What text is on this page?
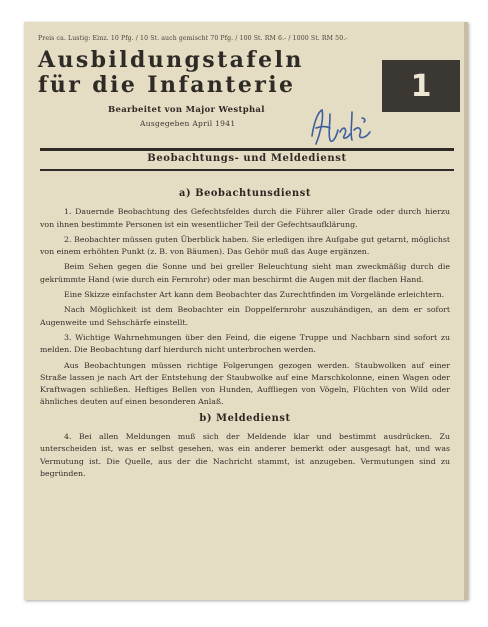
Preis ca. Lustig: Einz. 10 Pfg. / 10 St. auch gemischt 70 Pfg. / 100 St. RM 6.- / 1000 St. RM 50.-
Ausbildungstafeln
für die Infanterie	1
Bearbeitet von Major Westphal
Ausgegeben April 1941
Beobachtungs- und Meldedienst
a) Beobachtunsdienst

1. Dauernde Beobachtung des Gefechtsfeldes durch die Führer aller Grade oder durch hierzu von ihnen bestimmte Personen ist ein wesentlicher Teil der Gefechtsaufklärung.

2. Beobachter müssen guten Überblick haben. Sie erledigen ihre Aufgabe gut getarnt, möglichst von einem erhöhten Punkt (z. B. von Bäumen). Das Gehör muß das Auge ergänzen.

Beim Sehen gegen die Sonne und bei greller Beleuchtung sieht man zweckmäßig durch die gekrümmte Hand (wie durch ein Fernrohr) oder man beschirmt die Augen mit der flachen Hand.

Eine Skizze einfachster Art kann dem Beobachter das Zurechtfinden im Vorgelände erleichtern.

Nach Möglichkeit ist dem Beobachter ein Doppelfernrohr auszuhändigen, an dem er sofort Augenweite und Sehschärfe einstellt.

3. Wichtige Wahrnehmungen über den Feind, die eigene Truppe und Nachbarn sind sofort zu melden. Die Beobachtung darf hierdurch nicht unterbrochen werden.

Aus Beobachtungen müssen richtige Folgerungen gezogen werden. Staubwolken auf einer Straße lassen je nach Art der Entstehung der Staubwolke auf eine Marschkolonne, einen Wagen oder Kraftwagen schließen. Heftiges Bellen von Hunden, Auffliegen von Vögeln, Flüchten von Wild oder ähnliches deuten auf einen besonderen Anlaß.

b) Meldedienst

4. Bei allen Meldungen muß sich der Meldende klar und bestimmt ausdrücken. Zu unterscheiden ist, was er selbst gesehen, was ein anderer bemerkt oder ausgesagt hat, und was Vermutung ist. Die Quelle, aus der die Nachricht stammt, ist anzugeben. Vermutungen sind zu begründen.
